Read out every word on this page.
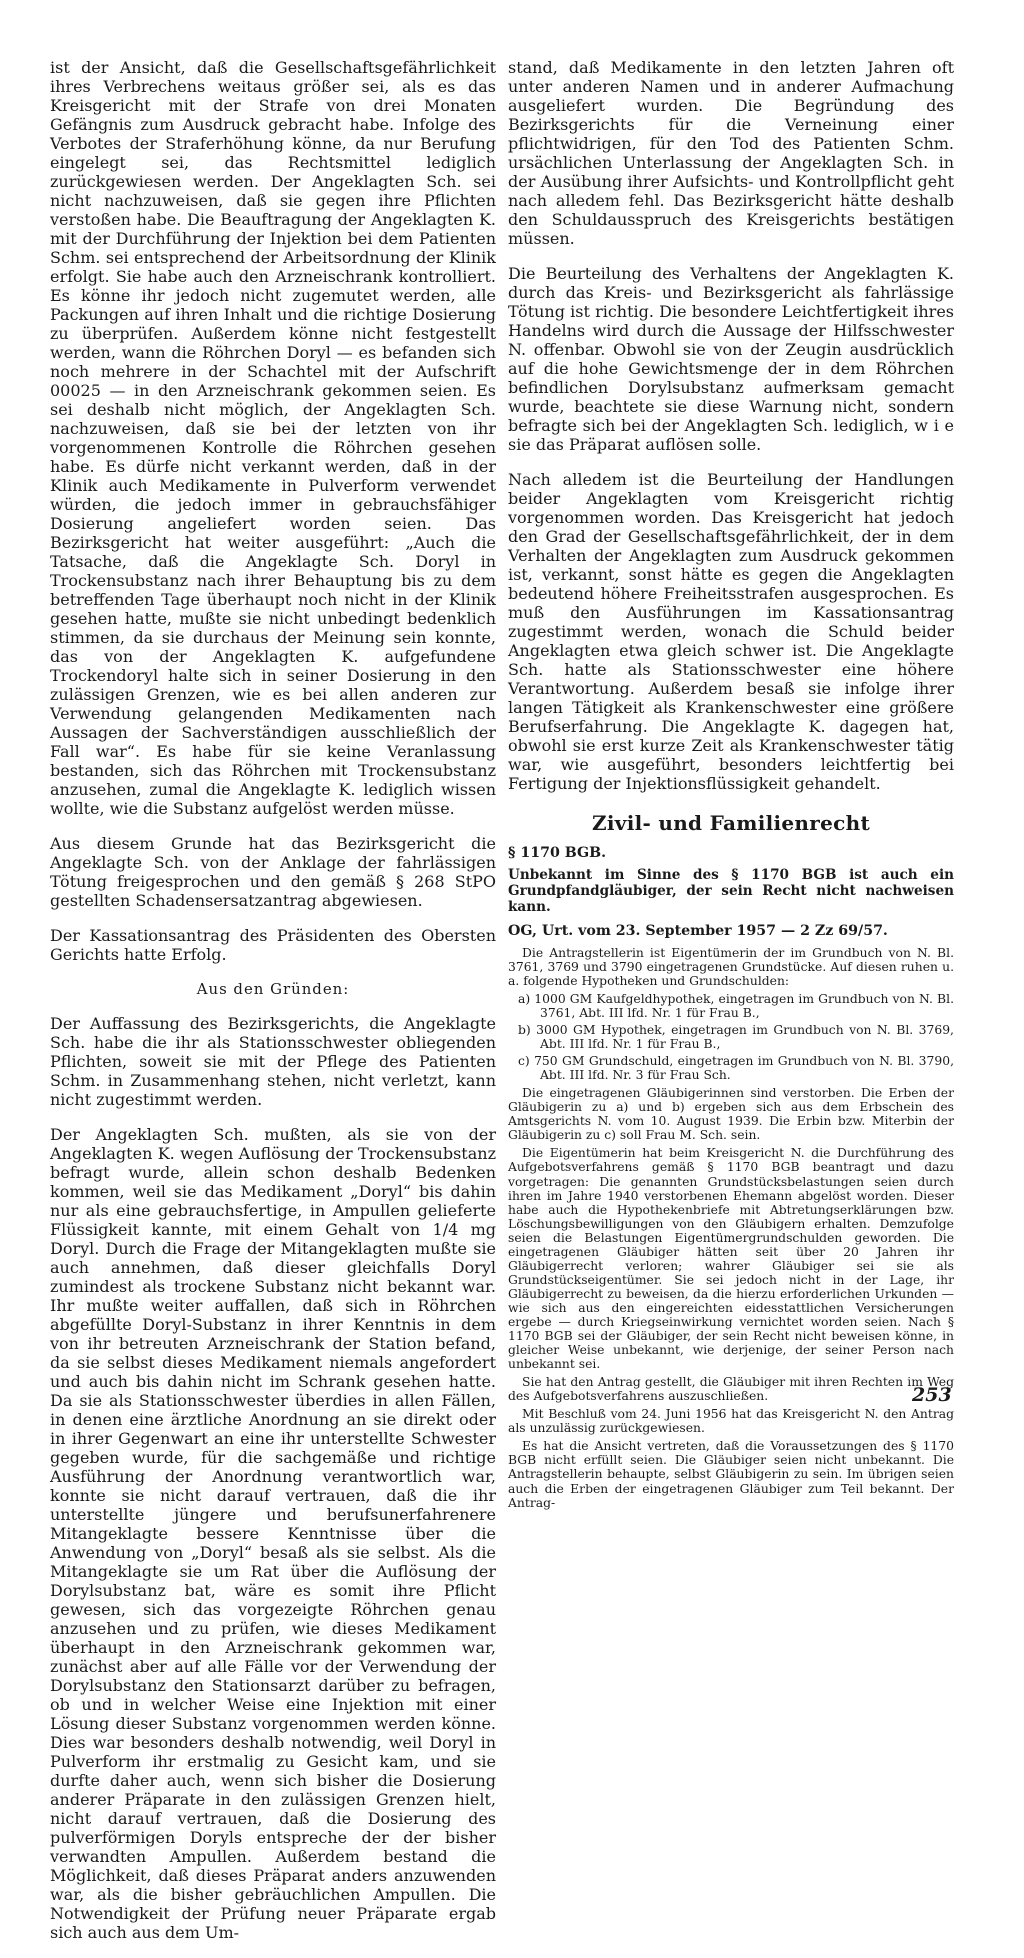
ist der Ansicht, daß die Gesellschaftsgefährlichkeit ihres Verbrechens weitaus größer sei, als es das Kreisgericht mit der Strafe von drei Monaten Gefängnis zum Ausdruck gebracht habe. Infolge des Verbotes der Straferhöhung könne, da nur Berufung eingelegt sei, das Rechtsmittel lediglich zurückgewiesen werden. Der Angeklagten Sch. sei nicht nachzuweisen, daß sie gegen ihre Pflichten verstoßen habe. Die Beauftragung der Angeklagten K. mit der Durchführung der Injektion bei dem Patienten Schm. sei entsprechend der Arbeitsordnung der Klinik erfolgt. Sie habe auch den Arzneischrank kontrolliert. Es könne ihr jedoch nicht zugemutet werden, alle Packungen auf ihren Inhalt und die richtige Dosierung zu überprüfen. Außerdem könne nicht festgestellt werden, wann die Röhrchen Doryl — es befanden sich noch mehrere in der Schachtel mit der Aufschrift 00025 — in den Arzneischrank gekommen seien. Es sei deshalb nicht möglich, der Angeklagten Sch. nachzuweisen, daß sie bei der letzten von ihr vorgenommenen Kontrolle die Röhrchen gesehen habe. Es dürfe nicht verkannt werden, daß in der Klinik auch Medikamente in Pulverform verwendet würden, die jedoch immer in gebrauchsfähiger Dosierung angeliefert worden seien. Das Bezirksgericht hat weiter ausgeführt: „Auch die Tatsache, daß die Angeklagte Sch. Doryl in Trockensubstanz nach ihrer Behauptung bis zu dem betreffenden Tage überhaupt noch nicht in der Klinik gesehen hatte, mußte sie nicht unbedingt bedenklich stimmen, da sie durchaus der Meinung sein konnte, das von der Angeklagten K. aufgefundene Trockendoryl halte sich in seiner Dosierung in den zulässigen Grenzen, wie es bei allen anderen zur Verwendung gelangenden Medikamenten nach Aussagen der Sachverständigen ausschließlich der Fall war“. Es habe für sie keine Veranlassung bestanden, sich das Röhrchen mit Trockensubstanz anzusehen, zumal die Angeklagte K. lediglich wissen wollte, wie die Substanz aufgelöst werden müsse.

Aus diesem Grunde hat das Bezirksgericht die Angeklagte Sch. von der Anklage der fahrlässigen Tötung freigesprochen und den gemäß § 268 StPO gestellten Schadensersatzantrag abgewiesen.

Der Kassationsantrag des Präsidenten des Obersten Gerichts hatte Erfolg.

Aus den Gründen:

Der Auffassung des Bezirksgerichts, die Angeklagte Sch. habe die ihr als Stationsschwester obliegenden Pflichten, soweit sie mit der Pflege des Patienten Schm. in Zusammenhang stehen, nicht verletzt, kann nicht zugestimmt werden.

Der Angeklagten Sch. mußten, als sie von der Angeklagten K. wegen Auflösung der Trockensubstanz befragt wurde, allein schon deshalb Bedenken kommen, weil sie das Medikament „Doryl“ bis dahin nur als eine gebrauchsfertige, in Ampullen gelieferte Flüssigkeit kannte, mit einem Gehalt von 1/4 mg Doryl. Durch die Frage der Mitangeklagten mußte sie auch annehmen, daß dieser gleichfalls Doryl zumindest als trockene Substanz nicht bekannt war. Ihr mußte weiter auffallen, daß sich in Röhrchen abgefüllte Doryl-Substanz in ihrer Kenntnis in dem von ihr betreuten Arzneischrank der Station befand, da sie selbst dieses Medikament niemals angefordert und auch bis dahin nicht im Schrank gesehen hatte. Da sie als Stationsschwester überdies in allen Fällen, in denen eine ärztliche Anordnung an sie direkt oder in ihrer Gegenwart an eine ihr unterstellte Schwester gegeben wurde, für die sachgemäße und richtige Ausführung der Anordnung verantwortlich war, konnte sie nicht darauf vertrauen, daß die ihr unterstellte jüngere und berufsunerfahrenere Mitangeklagte bessere Kenntnisse über die Anwendung von „Doryl“ besaß als sie selbst. Als die Mitangeklagte sie um Rat über die Auflösung der Dorylsubstanz bat, wäre es somit ihre Pflicht gewesen, sich das vorgezeigte Röhrchen genau anzusehen und zu prüfen, wie dieses Medikament überhaupt in den Arzneischrank gekommen war, zunächst aber auf alle Fälle vor der Verwendung der Dorylsubstanz den Stationsarzt darüber zu befragen, ob und in welcher Weise eine Injektion mit einer Lösung dieser Substanz vorgenommen werden könne. Dies war besonders deshalb notwendig, weil Doryl in Pulverform ihr erstmalig zu Gesicht kam, und sie durfte daher auch, wenn sich bisher die Dosierung anderer Präparate in den zulässigen Grenzen hielt, nicht darauf vertrauen, daß die Dosierung des pulverförmigen Doryls entspreche der der bisher verwandten Ampullen. Außerdem bestand die Möglichkeit, daß dieses Präparat anders anzuwenden war, als die bisher gebräuchlichen Ampullen. Die Notwendigkeit der Prüfung neuer Präparate ergab sich auch aus dem Um-

stand, daß Medikamente in den letzten Jahren oft unter anderen Namen und in anderer Aufmachung ausgeliefert wurden. Die Begründung des Bezirksgerichts für die Verneinung einer pflichtwidrigen, für den Tod des Patienten Schm. ursächlichen Unterlassung der Angeklagten Sch. in der Ausübung ihrer Aufsichts- und Kontrollpflicht geht nach alledem fehl. Das Bezirksgericht hätte deshalb den Schuldausspruch des Kreisgerichts bestätigen müssen.

Die Beurteilung des Verhaltens der Angeklagten K. durch das Kreis- und Bezirksgericht als fahrlässige Tötung ist richtig. Die besondere Leichtfertigkeit ihres Handelns wird durch die Aussage der Hilfsschwester N. offenbar. Obwohl sie von der Zeugin ausdrücklich auf die hohe Gewichtsmenge der in dem Röhrchen befindlichen Dorylsubstanz aufmerksam gemacht wurde, beachtete sie diese Warnung nicht, sondern befragte sich bei der Angeklagten Sch. lediglich, w i e sie das Präparat auflösen solle.

Nach alledem ist die Beurteilung der Handlungen beider Angeklagten vom Kreisgericht richtig vorgenommen worden. Das Kreisgericht hat jedoch den Grad der Gesellschaftsgefährlichkeit, der in dem Verhalten der Angeklagten zum Ausdruck gekommen ist, verkannt, sonst hätte es gegen die Angeklagten bedeutend höhere Freiheitsstrafen ausgesprochen. Es muß den Ausführungen im Kassationsantrag zugestimmt werden, wonach die Schuld beider Angeklagten etwa gleich schwer ist. Die Angeklagte Sch. hatte als Stationsschwester eine höhere Verantwortung. Außerdem besaß sie infolge ihrer langen Tätigkeit als Krankenschwester eine größere Berufserfahrung. Die Angeklagte K. dagegen hat, obwohl sie erst kurze Zeit als Krankenschwester tätig war, wie ausgeführt, besonders leichtfertig bei Fertigung der Injektionsflüssigkeit gehandelt.

Zivil- und Familienrecht

§ 1170 BGB.

Unbekannt im Sinne des § 1170 BGB ist auch ein Grundpfandgläubiger, der sein Recht nicht nachweisen kann.

OG, Urt. vom 23. September 1957 — 2 Zz 69/57.

Die Antragstellerin ist Eigentümerin der im Grundbuch von N. Bl. 3761, 3769 und 3790 eingetragenen Grundstücke. Auf diesen ruhen u. a. folgende Hypotheken und Grundschulden:

a) 1000 GM Kaufgeldhypothek, eingetragen im Grundbuch von N. Bl. 3761, Abt. III lfd. Nr. 1 für Frau B.,
b) 3000 GM Hypothek, eingetragen im Grundbuch von N. Bl. 3769, Abt. III lfd. Nr. 1 für Frau B.,
c) 750 GM Grundschuld, eingetragen im Grundbuch von N. Bl. 3790, Abt. III lfd. Nr. 3 für Frau Sch.

Die eingetragenen Gläubigerinnen sind verstorben. Die Erben der Gläubigerin zu a) und b) ergeben sich aus dem Erbschein des Amtsgerichts N. vom 10. August 1939. Die Erbin bzw. Miterbin der Gläubigerin zu c) soll Frau M. Sch. sein.

Die Eigentümerin hat beim Kreisgericht N. die Durchführung des Aufgebotsverfahrens gemäß § 1170 BGB beantragt und dazu vorgetragen: Die genannten Grundstücksbelastungen seien durch ihren im Jahre 1940 verstorbenen Ehemann abgelöst worden. Dieser habe auch die Hypothekenbriefe mit Abtretungserklärungen bzw. Löschungsbewilligungen von den Gläubigern erhalten. Demzufolge seien die Belastungen Eigentümergrundschulden geworden. Die eingetragenen Gläubiger hätten seit über 20 Jahren ihr Gläubigerrecht verloren; wahrer Gläubiger sei sie als Grundstückseigentümer. Sie sei jedoch nicht in der Lage, ihr Gläubigerrecht zu beweisen, da die hierzu erforderlichen Urkunden — wie sich aus den eingereichten eidesstattlichen Versicherungen ergebe — durch Kriegseinwirkung vernichtet worden seien. Nach § 1170 BGB sei der Gläubiger, der sein Recht nicht beweisen könne, in gleicher Weise unbekannt, wie derjenige, der seiner Person nach unbekannt sei.

Sie hat den Antrag gestellt, die Gläubiger mit ihren Rechten im Weg des Aufgebotsverfahrens auszuschließen.

Mit Beschluß vom 24. Juni 1956 hat das Kreisgericht N. den Antrag als unzulässig zurückgewiesen.

Es hat die Ansicht vertreten, daß die Voraussetzungen des § 1170 BGB nicht erfüllt seien. Die Gläubiger seien nicht unbekannt. Die Antragstellerin behaupte, selbst Gläubigerin zu sein. Im übrigen seien auch die Erben der eingetragenen Gläubiger zum Teil bekannt. Der Antrag-

253
